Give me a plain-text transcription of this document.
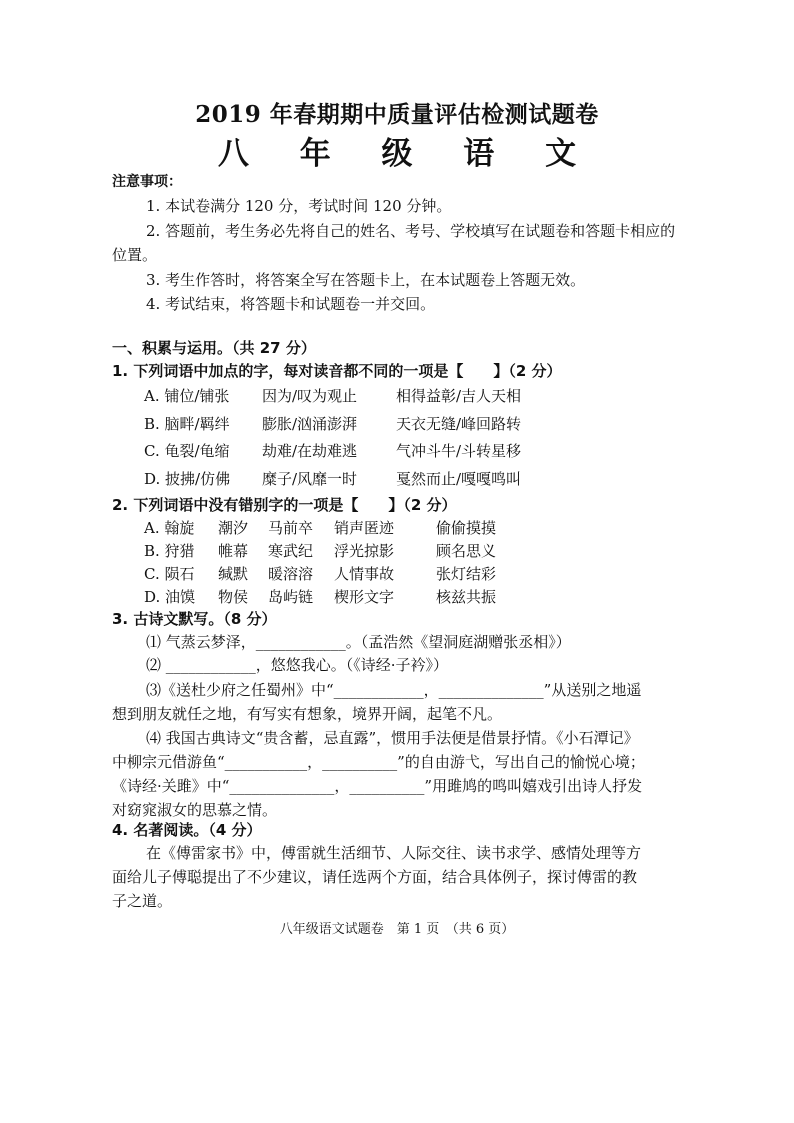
2019 年春期期中质量评估检测试题卷
八 年 级 语 文
注意事项：
1. 本试卷满分 120 分，考试时间 120 分钟。
2. 答题前，考生务必先将自己的姓名、考号、学校填写在试题卷和答题卡相应的
位置。
3. 考生作答时，将答案全写在答题卡上，在本试题卷上答题无效。
4. 考试结束，将答题卡和试题卷一并交回。
一、积累与运用。（共 27 分）
1. 下列词语中加点的字，每对读音都不同的一项是【　　】（2 分）
A. 铺位/铺张 因为/叹为观止	相得益彰/吉人天相
B. 脑畔/羁绊 膨胀/汹涌澎湃	天衣无缝/峰回路转
C. 龟裂/龟缩 劫难/在劫难逃	气冲斗牛/斗转星移
D. 披拂/仿佛 糜子/风靡一时	戛然而止/嘎嘎鸣叫
2. 下列词语中没有错别字的一项是【　　】（2 分）
A. 翰旋 潮汐 马前卒 销声匿迹	偷偷摸摸
B. 狩猎 帷幕 寒武纪 浮光掠影	顾名思义
C. 陨石 缄默 暖溶溶 人情事故	张灯结彩
D. 油馍 物侯 岛屿链 楔形文字	核兹共振
3. 古诗文默写。（8 分）
⑴ 气蒸云梦泽，____________。（孟浩然《望洞庭湖赠张丞相》）
⑵ ____________，悠悠我心。（《诗经·子衿》）
⑶《送杜少府之任蜀州》中“____________，______________”从送别之地遥
想到朋友就任之地，有写实有想象，境界开阔，起笔不凡。
⑷ 我国古典诗文“贵含蓄，忌直露”，惯用手法便是借景抒情。《小石潭记》
中柳宗元借游鱼“___________，__________”的自由游弋，写出自己的愉悦心境；
《诗经·关雎》中“______________，__________”用雎鸠的鸣叫嬉戏引出诗人抒发
对窈窕淑女的思慕之情。
4. 名著阅读。（4 分）
在《傅雷家书》中，傅雷就生活细节、人际交往、读书求学、感情处理等方
面给儿子傅聪提出了不少建议，请任选两个方面，结合具体例子，探讨傅雷的教
子之道。
八年级语文试题卷　第 1 页　（共 6 页）
